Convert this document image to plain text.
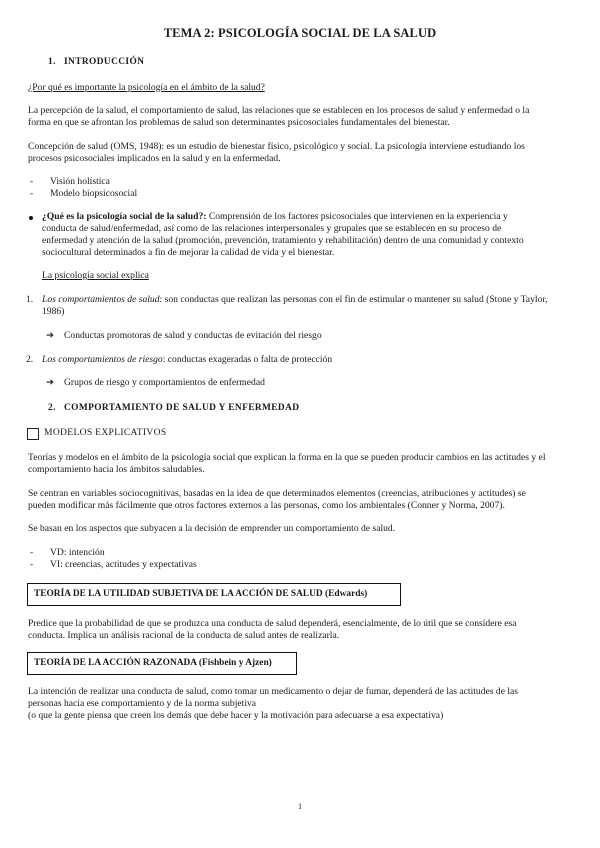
TEMA 2: PSICOLOGÍA SOCIAL DE LA SALUD
1. INTRODUCCIÓN
¿Por qué es importante la psicología en el ámbito de la salud?
La percepción de la salud, el comportamiento de salud, las relaciones que se establecen en los procesos de salud y enfermedad o la
forma en que se afrontan los problemas de salud son determinantes psicosociales fundamentales del bienestar.
Concepción de salud (OMS, 1948): es un estudio de bienestar físico, psicológico y social. La psicología interviene estudiando los
procesos psicosociales implicados en la salud y en la enfermedad.
- Visión holística
- Modelo biopsicosocial
¿Qué es la psicología social de la salud?: Comprensión de los factores psicosociales que intervienen en la experiencia y
conducta de salud/enfermedad, así como de las relaciones interpersonales y grupales que se establecen en su proceso de
enfermedad y atención de la salud (promoción, prevención, tratamiento y rehabilitación) dentro de una comunidad y contexto
sociocultural determinados a fin de mejorar la calidad de vida y el bienestar.
La psicología social explica
1. Los comportamientos de salud: son conductas que realizan las personas con el fin de estimular o mantener su salud (Stone y Taylor,
1986)
➔ Conductas promotoras de salud y conductas de evitación del riesgo
2. Los comportamientos de riesgo: conductas exageradas o falta de protección
➔ Grupos de riesgo y comportamientos de enfermedad
2. COMPORTAMIENTO DE SALUD Y ENFERMEDAD
MODELOS EXPLICATIVOS
Teorías y modelos en el ámbito de la psicología social que explican la forma en la que se pueden producir cambios en las actitudes y el
comportamiento hacia los ámbitos saludables.
Se centran en variables sociocognitivas, basadas en la idea de que determinados elementos (creencias, atribuciones y actitudes) se
pueden modificar más fácilmente que otros factores externos a las personas, como los ambientales (Conner y Norma, 2007).
Se basan en los aspectos que subyacen a la decisión de emprender un comportamiento de salud.
- VD: intención
- VI: creencias, actitudes y expectativas
TEORÍA DE LA UTILIDAD SUBJETIVA DE LA ACCIÓN DE SALUD (Edwards)
Predice que la probabilidad de que se produzca una conducta de salud dependerá, esencialmente, de lo útil que se considere esa
conducta. Implica un análisis racional de la conducta de salud antes de realizarla.
TEORÍA DE LA ACCIÓN RAZONADA (Fishbein y Ajzen)
La intención de realizar una conducta de salud, como tomar un medicamento o dejar de fumar, dependerá de las actitudes de las
personas hacia ese comportamiento y de la norma subjetiva
(o que la gente piensa que creen los demás que debe hacer y la motivación para adecuarse a esa expectativa)
1
